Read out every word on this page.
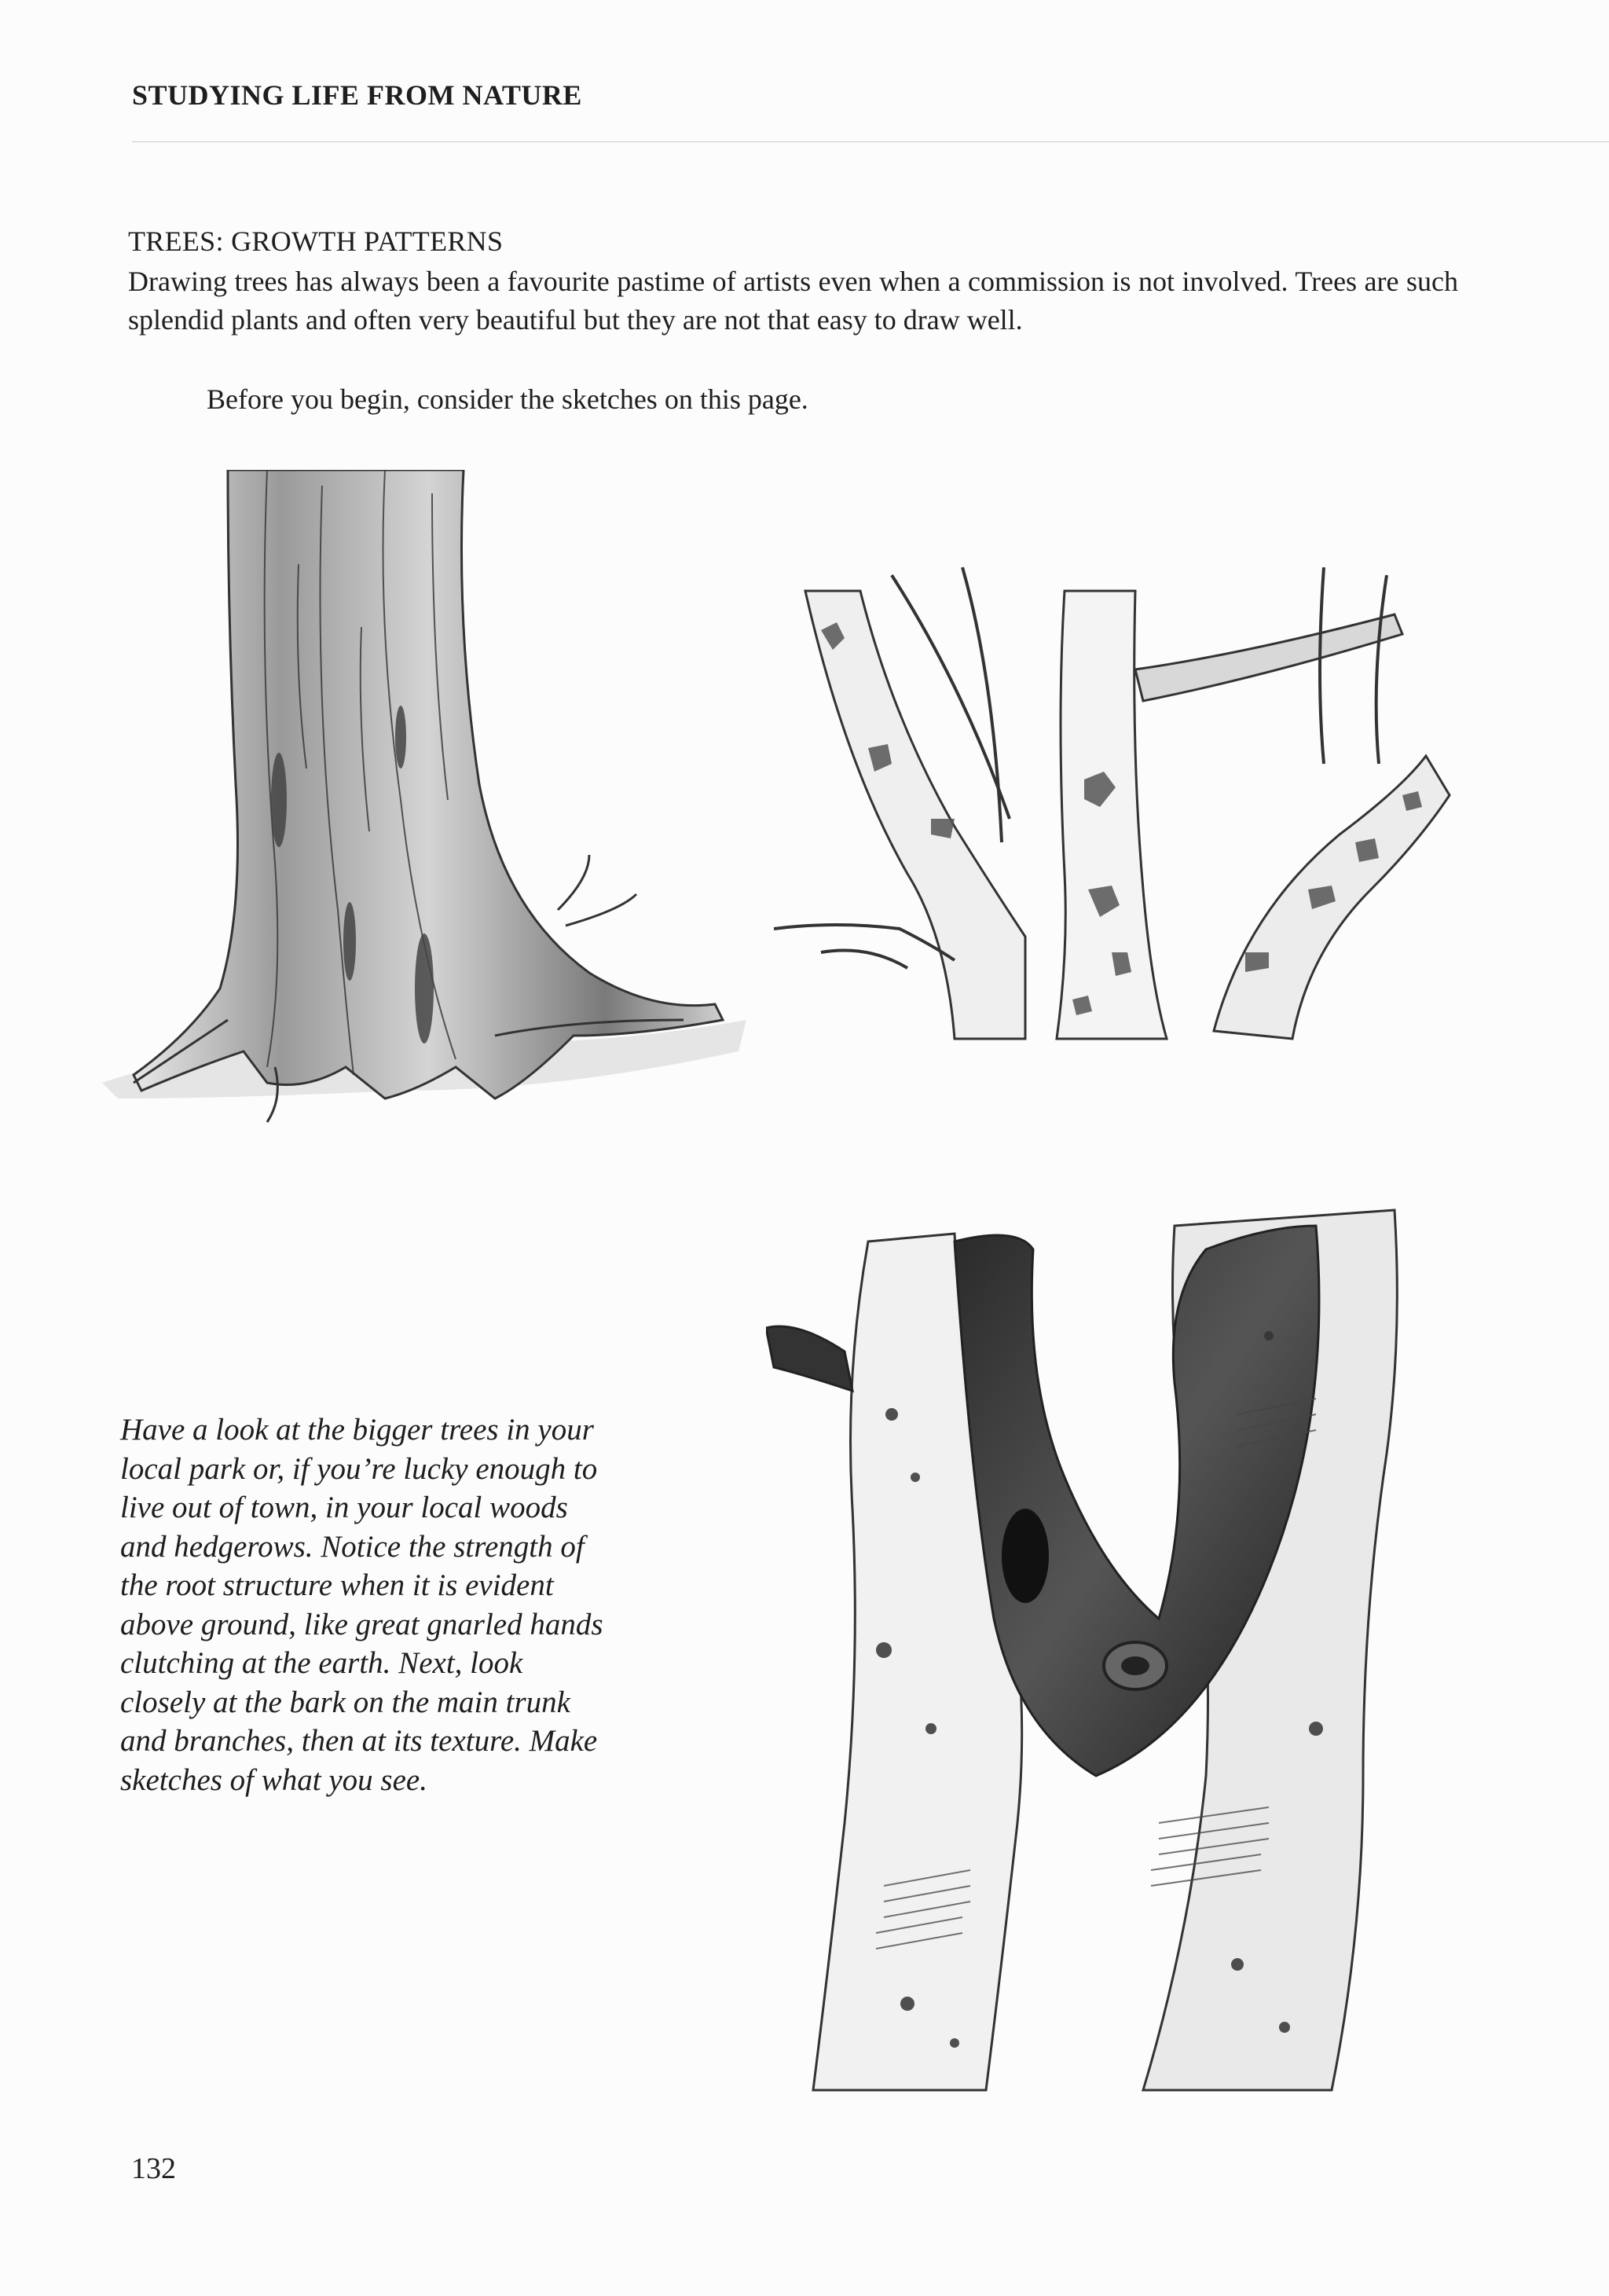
STUDYING LIFE FROM NATURE
TREES: GROWTH PATTERNS

Drawing trees has always been a favourite pastime of artists even when a commission is not involved. Trees are such splendid plants and often very beautiful but they are not that easy to draw well.

Before you begin, consider the sketches on this page.

Have a look at the bigger trees in your local park or, if you’re lucky enough to live out of town, in your local woods and hedgerows. Notice the strength of the root structure when it is evident above ground, like great gnarled hands clutching at the earth. Next, look closely at the bark on the main trunk and branches, then at its texture. Make sketches of what you see.

132
